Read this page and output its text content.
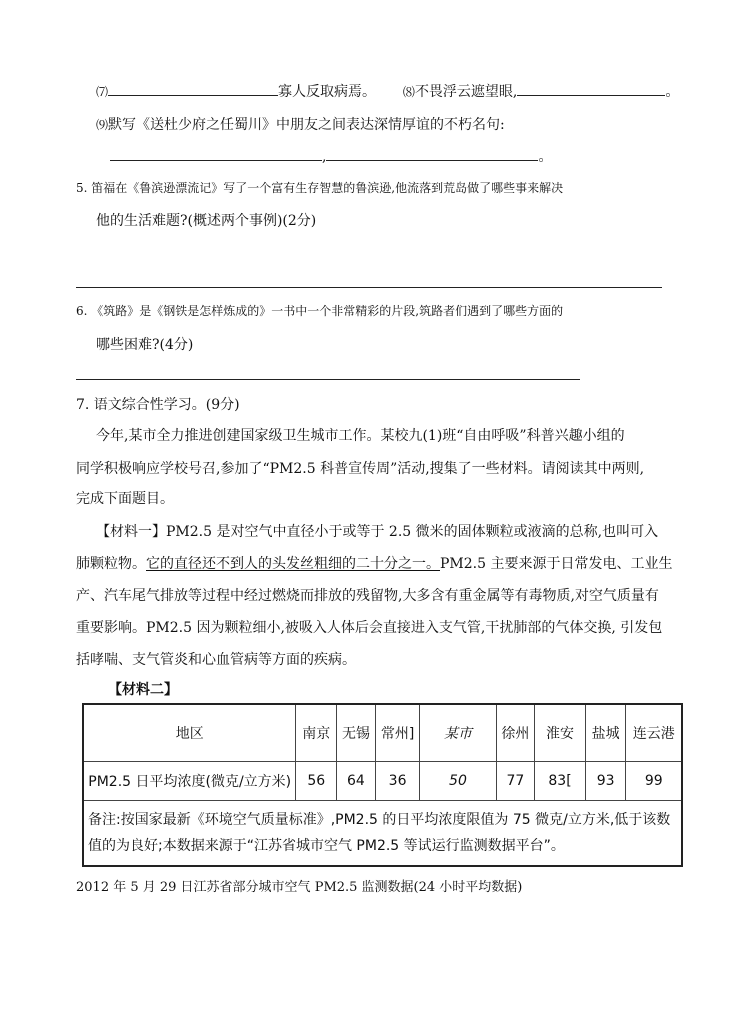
⑺	寡人反取病焉。 ⑻不畏浮云遮望眼,	。
⑼默写《送杜少府之任蜀川》中朋友之间表达深情厚谊的不朽名句:
,	。
5. 笛福在《鲁滨逊漂流记》写了一个富有生存智慧的鲁滨逊,他流落到荒岛做了哪些事来解决
他的生活难题?(概述两个事例)(2分)
6. 《筑路》是《钢铁是怎样炼成的》一书中一个非常精彩的片段,筑路者们遇到了哪些方面的
哪些困难?(4分)
7. 语文综合性学习。(9分)
今年,某市全力推进创建国家级卫生城市工作。某校九(1)班“自由呼吸”科普兴趣小组的
同学积极响应学校号召,参加了“PM2.5 科普宣传周”活动,搜集了一些材料。请阅读其中两则,
完成下面题目。
【材料一】PM2.5 是对空气中直径小于或等于 2.5 微米的固体颗粒或液滴的总称,也叫可入
肺颗粒物。它的直径还不到人的头发丝粗细的二十分之一。PM2.5 主要来源于日常发电、工业生
产、汽车尾气排放等过程中经过燃烧而排放的残留物,大多含有重金属等有毒物质,对空气质量有
重要影响。PM2.5 因为颗粒细小,被吸入人体后会直接进入支气管,干扰肺部的气体交换, 引发包
括哮喘、支气管炎和心血管病等方面的疾病。
【材料二】
地区	南京	无锡	常州]	某市	徐州	淮安	盐城	连云港
PM2.5 日平均浓度(微克/立方米)	56	64	36	50	77	83[	93	99
备注:按国家最新《环境空气质量标准》,PM2.5 的日平均浓度限值为 75 微克/立方米,低于该数值的为良好;本数据来源于“江苏省城市空气 PM2.5 等试运行监测数据平台”。								
2012 年 5 月 29 日江苏省部分城市空气 PM2.5 监测数据(24 小时平均数据)
